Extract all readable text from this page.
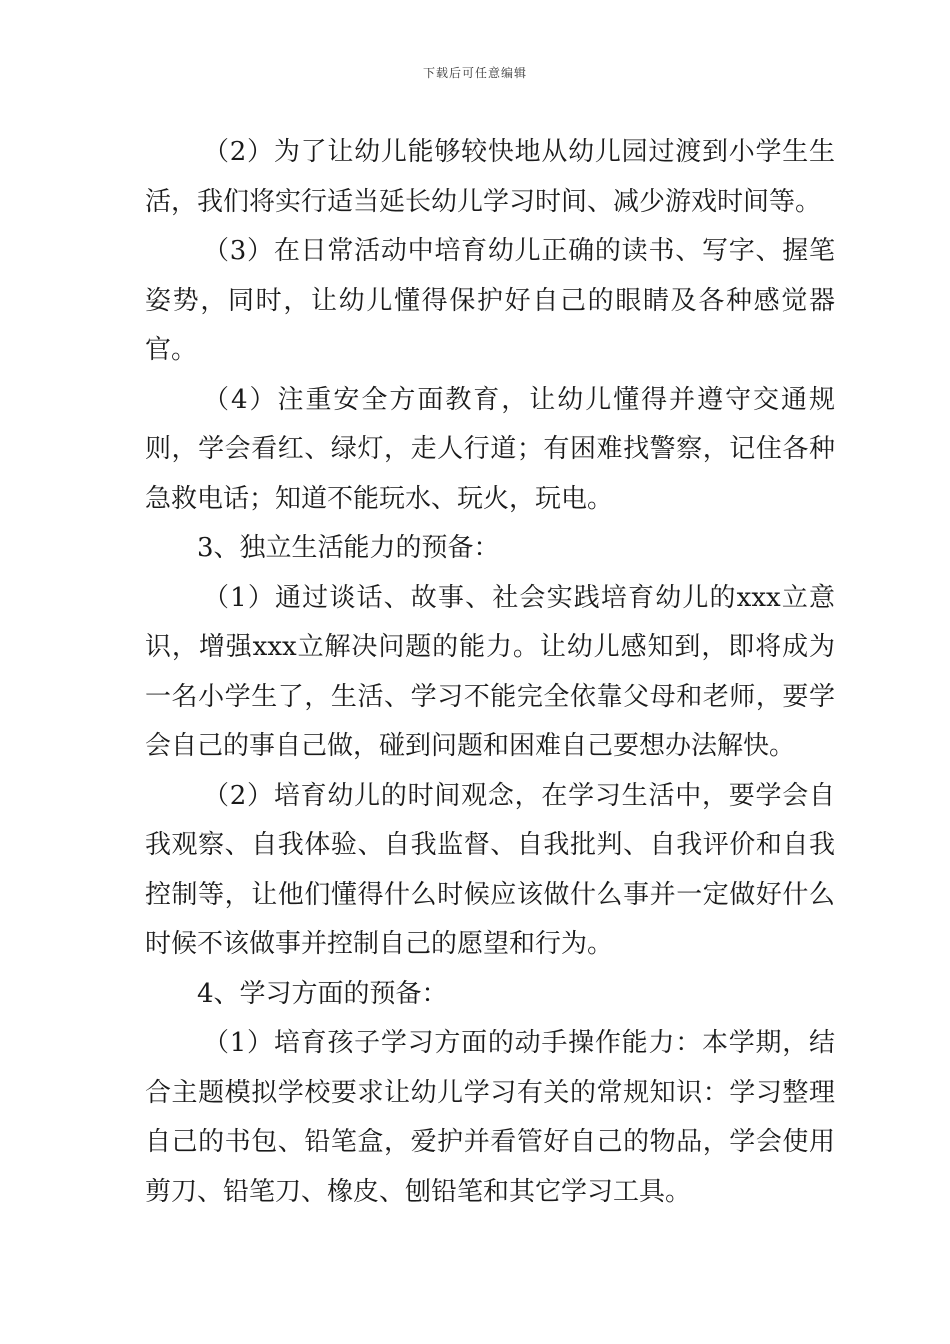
下载后可任意编辑

（2）为了让幼儿能够较快地从幼儿园过渡到小学生生活，我们将实行适当延长幼儿学习时间、减少游戏时间等。

（3）在日常活动中培育幼儿正确的读书、写字、握笔姿势，同时，让幼儿懂得保护好自己的眼睛及各种感觉器官。

（4）注重安全方面教育，让幼儿懂得并遵守交通规则，学会看红、绿灯，走人行道；有困难找警察，记住各种急救电话；知道不能玩水、玩火，玩电。

3、独立生活能力的预备：

（1）通过谈话、故事、社会实践培育幼儿的xxx立意识，增强xxx立解决问题的能力。让幼儿感知到，即将成为一名小学生了，生活、学习不能完全依靠父母和老师，要学会自己的事自己做，碰到问题和困难自己要想办法解快。

（2）培育幼儿的时间观念，在学习生活中，要学会自我观察、自我体验、自我监督、自我批判、自我评价和自我控制等，让他们懂得什么时候应该做什么事并一定做好什么时候不该做事并控制自己的愿望和行为。

4、学习方面的预备：

（1）培育孩子学习方面的动手操作能力：本学期，结合主题模拟学校要求让幼儿学习有关的常规知识：学习整理自己的书包、铅笔盒，爱护并看管好自己的物品，学会使用剪刀、铅笔刀、橡皮、刨铅笔和其它学习工具。
